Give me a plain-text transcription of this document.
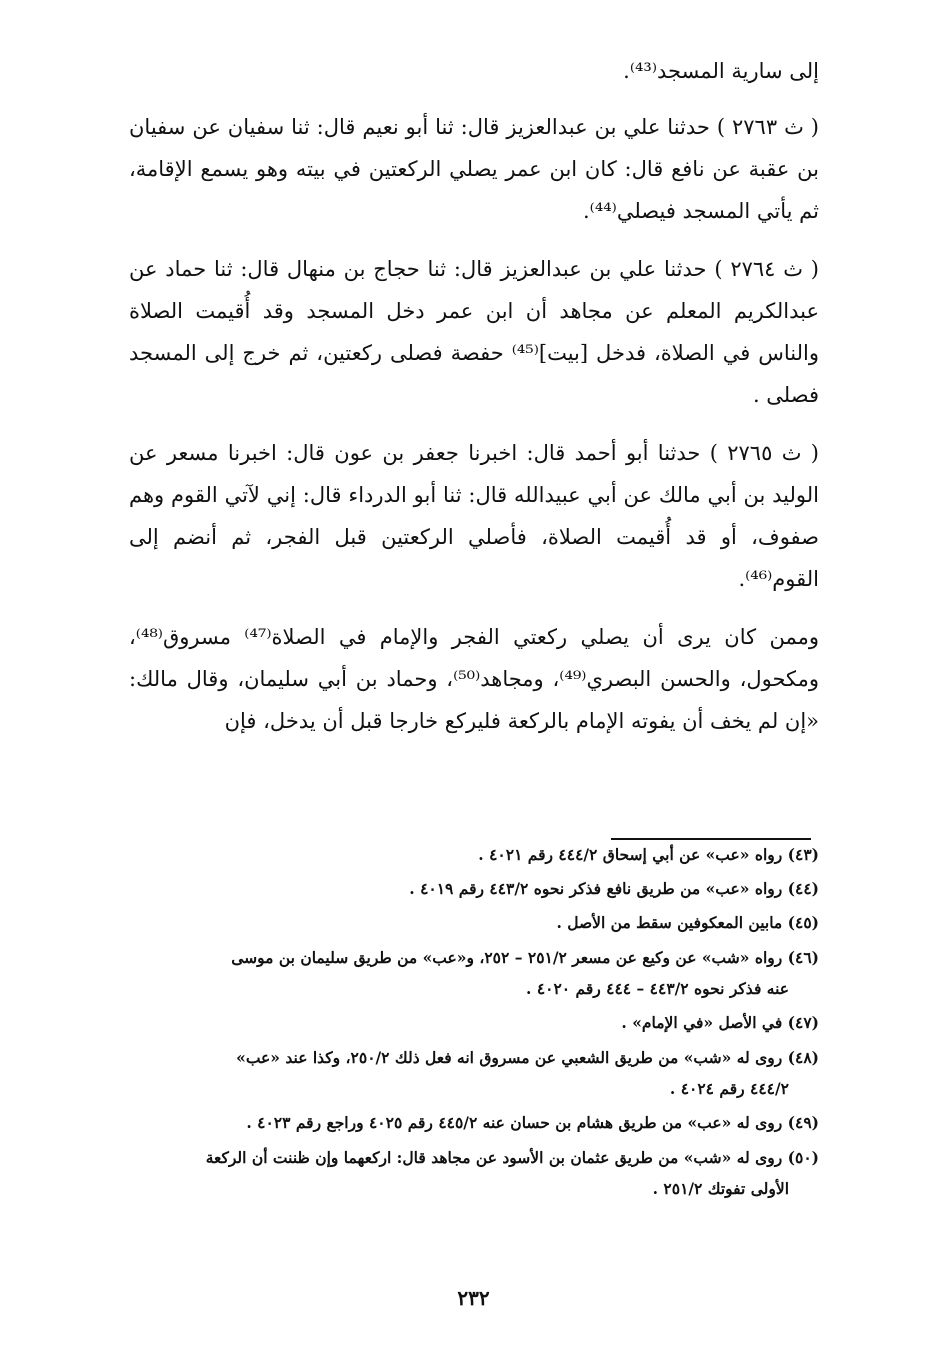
إلى سارية المسجد⁽⁴³⁾.

( ث ٢٧٦٣ ) حدثنا علي بن عبدالعزيز قال: ثنا أبو نعيم قال: ثنا سفيان عن سفيان بن عقبة عن نافع قال: كان ابن عمر يصلي الركعتين في بيته وهو يسمع الإقامة، ثم يأتي المسجد فيصلي⁽⁴⁴⁾.

( ث ٢٧٦٤ ) حدثنا علي بن عبدالعزيز قال: ثنا حجاج بن منهال قال: ثنا حماد عن عبدالكريم المعلم عن مجاهد أن ابن عمر دخل المسجد وقد أُقيمت الصلاة والناس في الصلاة، فدخل [بيت]⁽⁴⁵⁾ حفصة فصلى ركعتين، ثم خرج إلى المسجد فصلى .

( ث ٢٧٦٥ ) حدثنا أبو أحمد قال: اخبرنا جعفر بن عون قال: اخبرنا مسعر عن الوليد بن أبي مالك عن أبي عبيدالله قال: ثنا أبو الدرداء قال: إني لآتي القوم وهم صفوف، أو قد أُقيمت الصلاة، فأصلي الركعتين قبل الفجر، ثم أنضم إلى القوم⁽⁴⁶⁾.

وممن كان يرى أن يصلي ركعتي الفجر والإمام في الصلاة⁽⁴⁷⁾ مسروق⁽⁴⁸⁾، ومكحول، والحسن البصري⁽⁴⁹⁾، ومجاهد⁽⁵⁰⁾، وحماد بن أبي سليمان، وقال مالك: «إن لم يخف أن يفوته الإمام بالركعة فليركع خارجا قبل أن يدخل، فإن

(٤٣) رواه «عب» عن أبي إسحاق ٤٤٤/٢ رقم ٤٠٢١ .

(٤٤) رواه «عب» من طريق نافع فذكر نحوه ٤٤٣/٢ رقم ٤٠١٩ .

(٤٥) مابين المعكوفين سقط من الأصل .

(٤٦) رواه «شب» عن وكيع عن مسعر ٢٥١/٢ – ٢٥٢، و«عب» من طريق سليمان بن موسى
عنه فذكر نحوه ٤٤٣/٢ – ٤٤٤ رقم ٤٠٢٠ .

(٤٧) في الأصل «في الإمام» .

(٤٨) روى له «شب» من طريق الشعبي عن مسروق انه فعل ذلك ٢٥٠/٢، وكذا عند «عب»
٤٤٤/٢ رقم ٤٠٢٤ .

(٤٩) روى له «عب» من طريق هشام بن حسان عنه ٤٤٥/٢ رقم ٤٠٢٥ وراجع رقم ٤٠٢٣ .

(٥٠) روى له «شب» من طريق عثمان بن الأسود عن مجاهد قال: اركعهما وإن ظننت أن الركعة
الأولى تفوتك ٢٥١/٢ .

٢٣٢
